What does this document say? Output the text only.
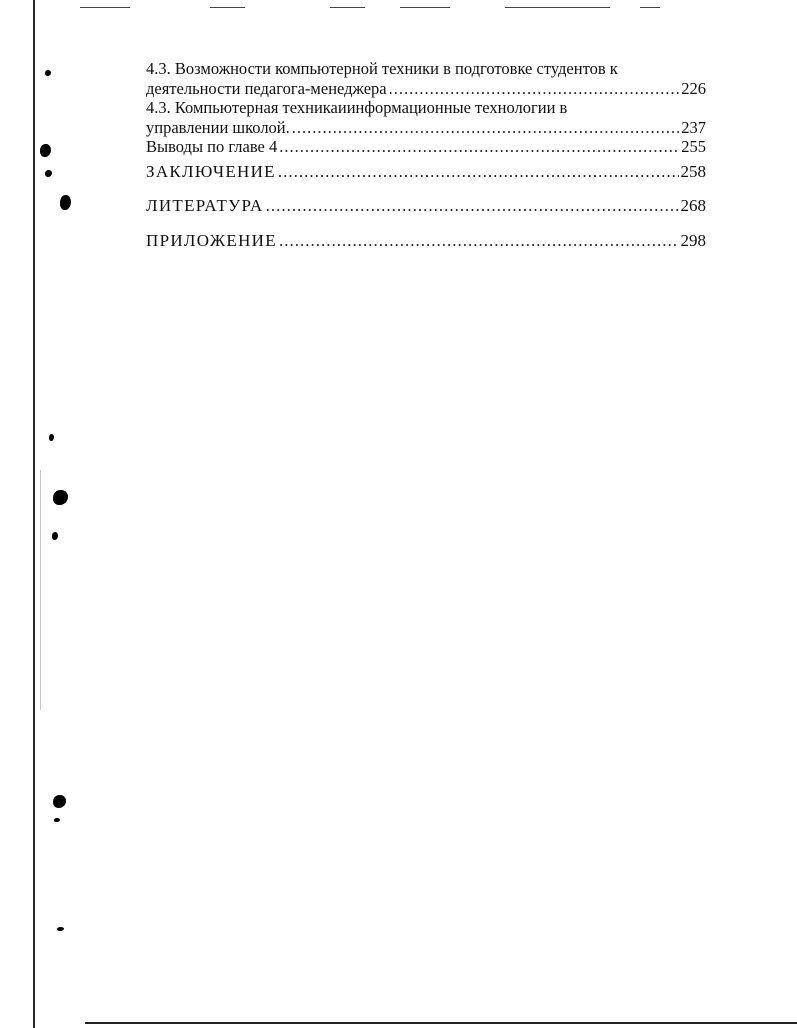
4.3. Возможности компьютерной техники в подготовке студентов к
деятельности педагога-менеджера .....	226
4.3. Компьютерная техникаиинформационные технологии в
управлении школой. .....	237
Выводы по главе 4 .....	255
ЗАКЛЮЧЕНИЕ .....	258
ЛИТЕРАТУРА .....	268
ПРИЛОЖЕНИЕ .....	298
